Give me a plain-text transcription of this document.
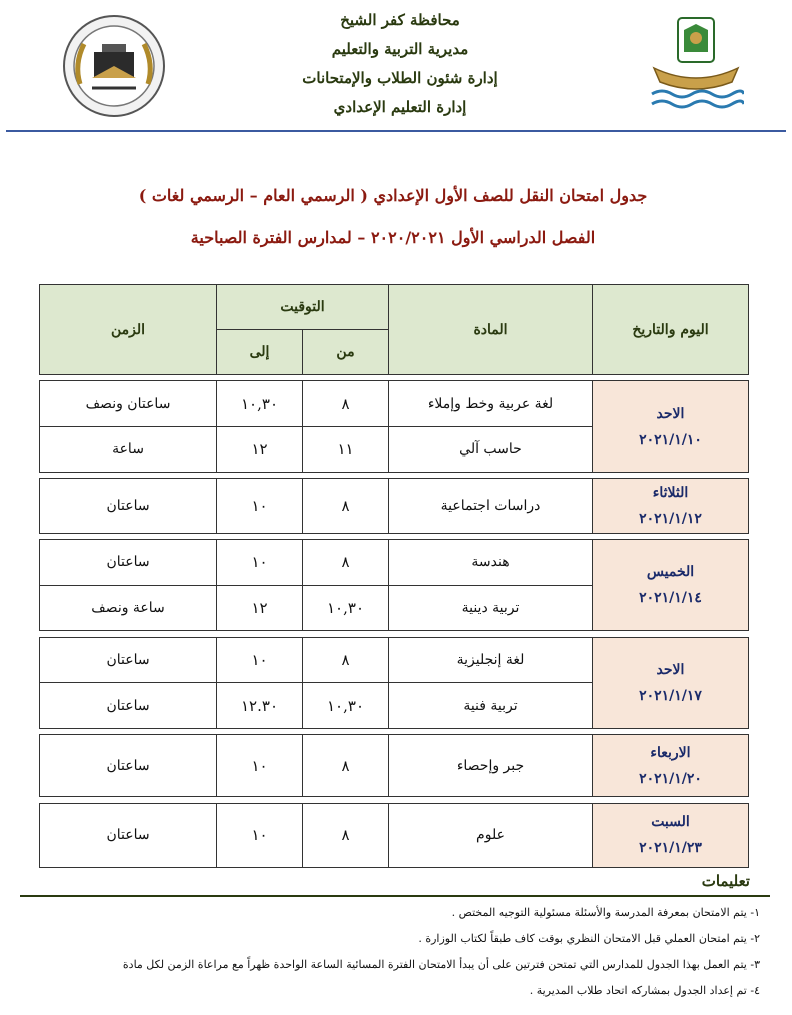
محافظة كفر الشيخ
مديرية التربية والتعليم
إدارة شئون الطلاب والإمتحانات
إدارة التعليم الإعدادي
جدول امتحان النقل للصف الأول الإعدادي ( الرسمي العام – الرسمي لغات )
الفصل الدراسي الأول ٢٠٢٠/٢٠٢١ – لمدارس الفترة الصباحية
اليوم والتاريخ	المادة	التوقيت		الزمن
		من	إلى	

الاحد
٢٠٢١/١/١٠	لغة عربية وخط وإملاء	٨	١٠,٣٠	ساعتان ونصف
	حاسب آلي	١١	١٢	ساعة

الثلاثاء
٢٠٢١/١/١٢	دراسات اجتماعية	٨	١٠	ساعتان

الخميس
٢٠٢١/١/١٤	هندسة	٨	١٠	ساعتان
	تربية دينية	١٠,٣٠	١٢	ساعة ونصف

الاحد
٢٠٢١/١/١٧	لغة إنجليزية	٨	١٠	ساعتان
	تربية فنية	١٠,٣٠	١٢.٣٠	ساعتان

الاربعاء
٢٠٢١/١/٢٠	جبر وإحصاء	٨	١٠	ساعتان

السبت
٢٠٢١/١/٢٣	علوم	٨	١٠	ساعتان
تعليمات
١- يتم الامتحان بمعرفة المدرسة والأسئلة مسئولية التوجيه المختص .
٢- يتم امتحان العملي قبل الامتحان النظري بوقت كاف طبقاً لكتاب الوزارة .
٣- يتم العمل بهذا الجدول للمدارس التي تمتحن فترتين على أن يبدأ الامتحان الفترة المسائية الساعة الواحدة ظهراً مع مراعاة الزمن لكل مادة
٤- تم إعداد الجدول بمشاركه اتحاد طلاب المديرية .
